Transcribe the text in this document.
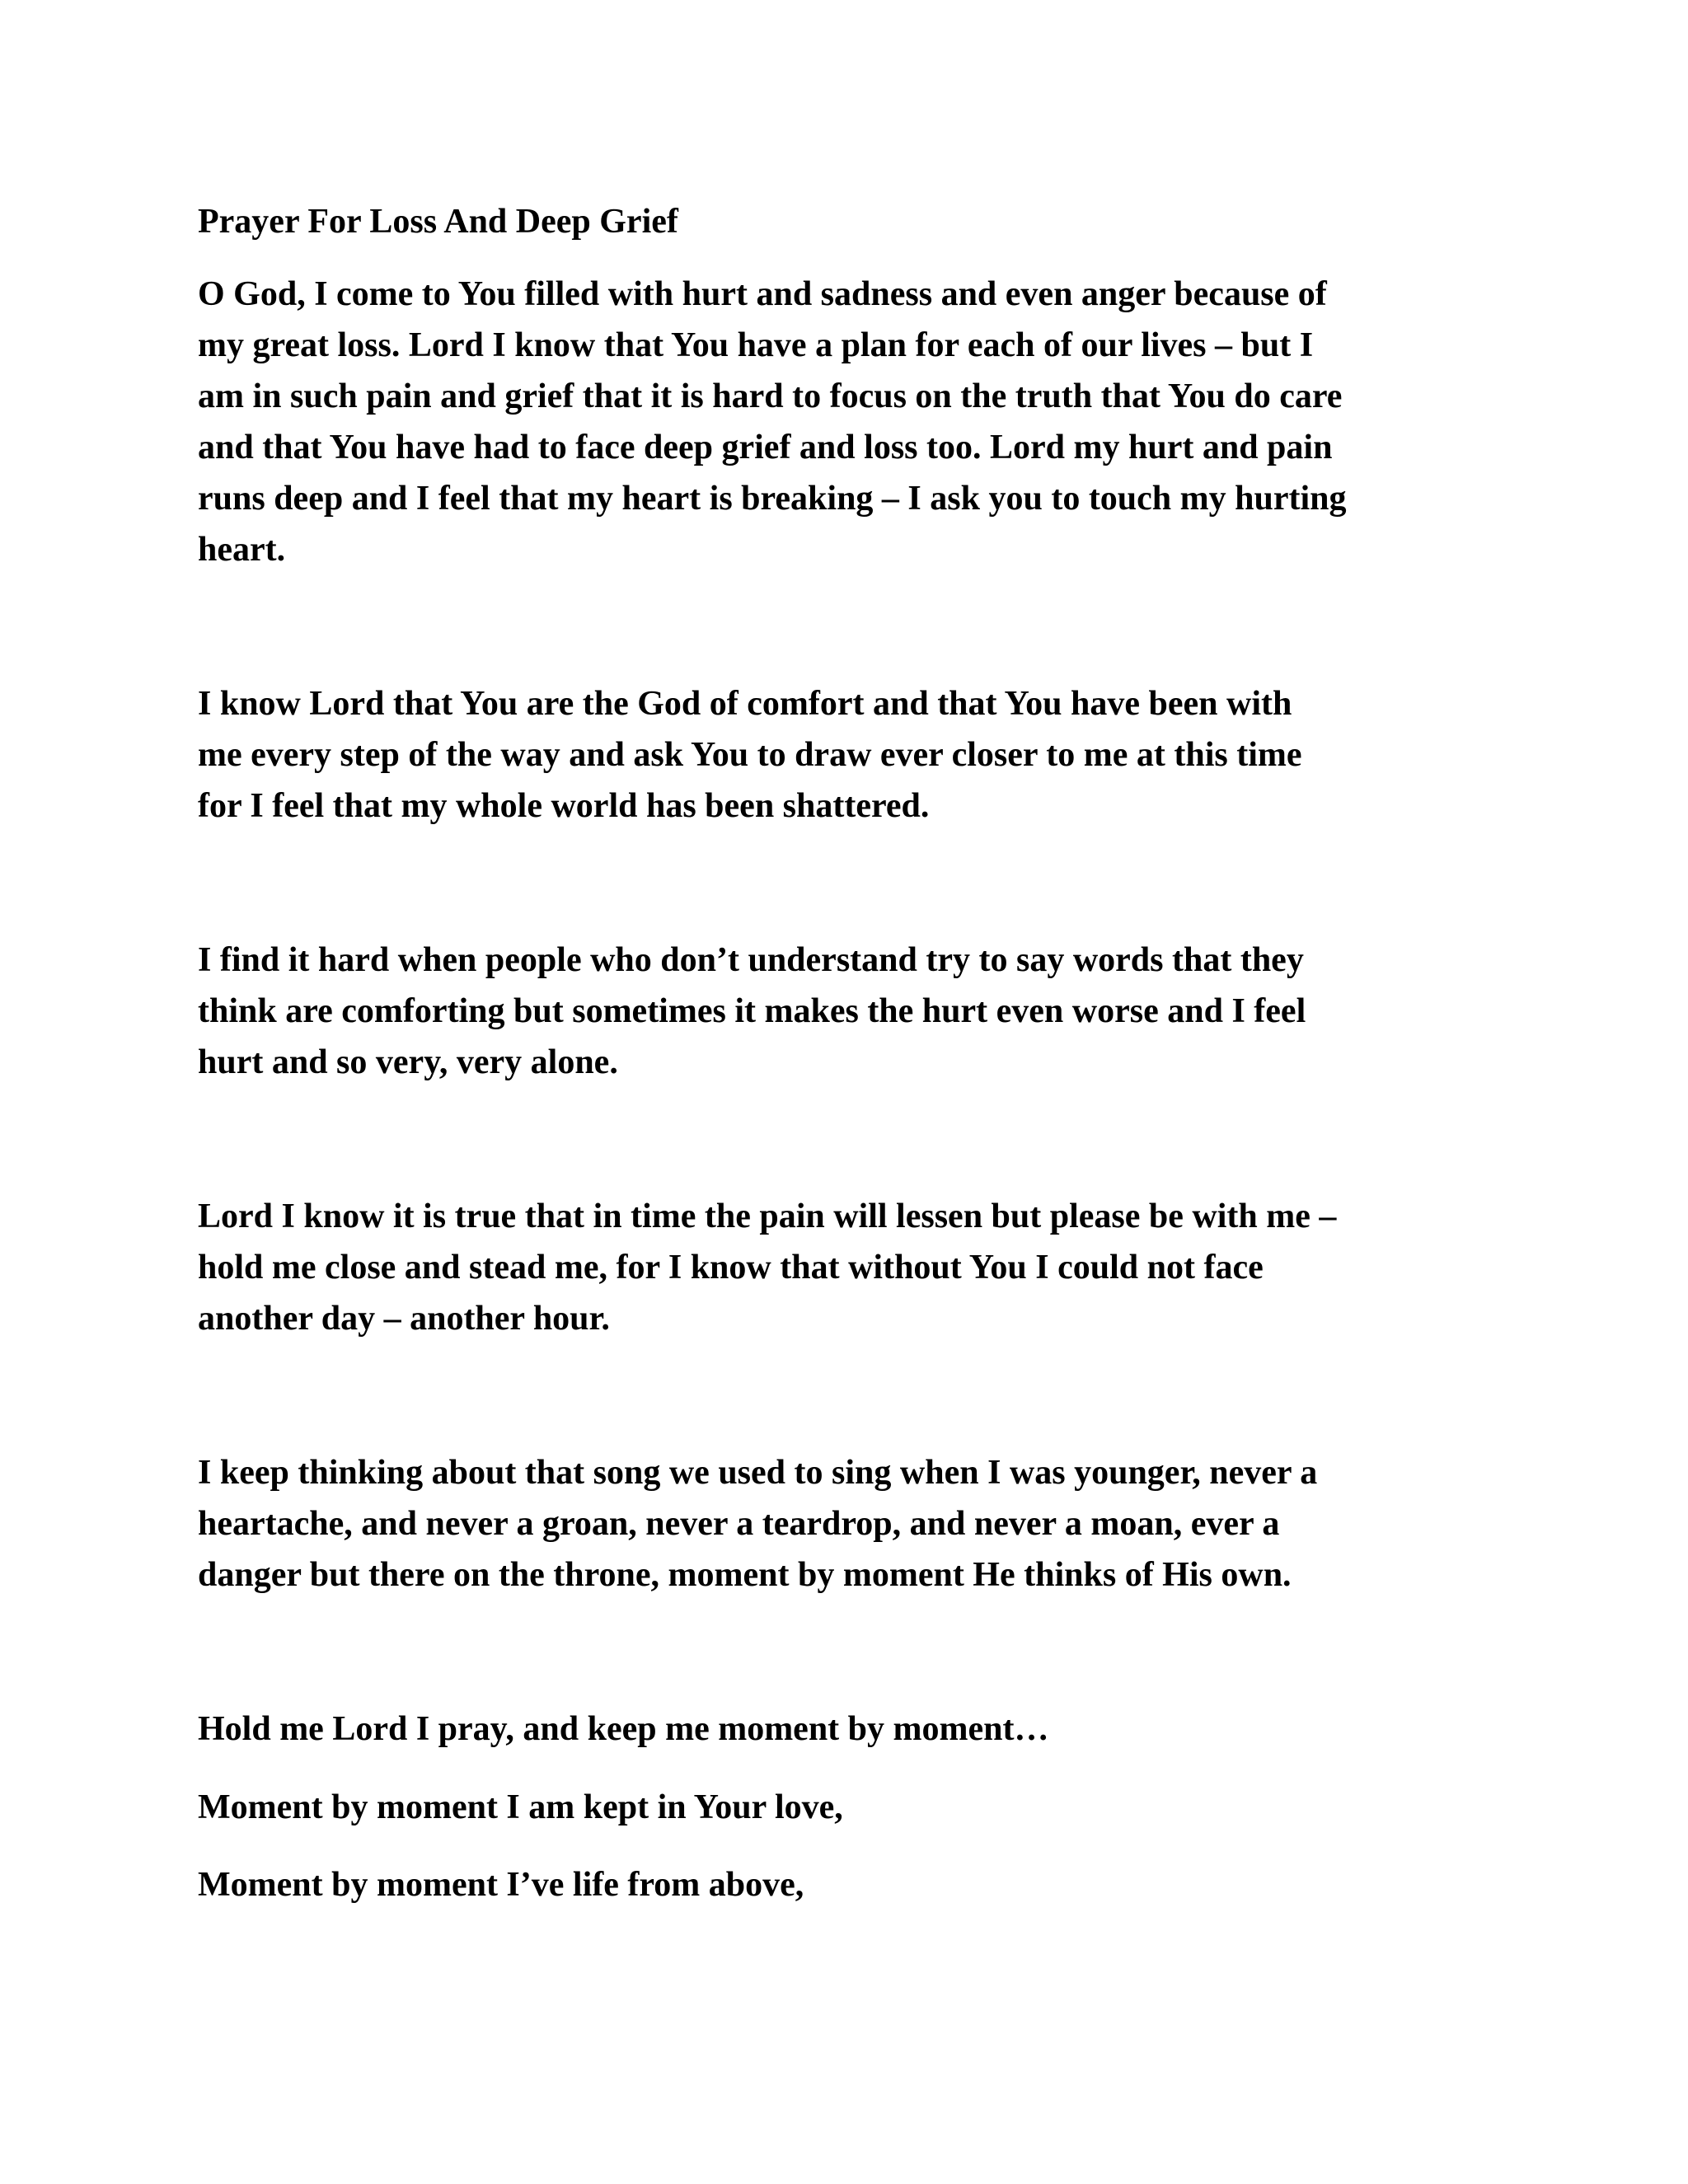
Prayer For Loss And Deep Grief

O God, I come to You filled with hurt and sadness and even anger because of
my great loss. Lord I know that You have a plan for each of our lives – but I
am in such pain and grief that it is hard to focus on the truth that You do care
and that You have had to face deep grief and loss too. Lord my hurt and pain
runs deep and I feel that my heart is breaking – I ask you to touch my hurting
heart.

I know Lord that You are the God of comfort and that You have been with
me every step of the way and ask You to draw ever closer to me at this time
for I feel that my whole world has been shattered.

I find it hard when people who don’t understand try to say words that they
think are comforting but sometimes it makes the hurt even worse and I feel
hurt and so very, very alone.

Lord I know it is true that in time the pain will lessen but please be with me –
hold me close and stead me, for I know that without You I could not face
another day – another hour.

I keep thinking about that song we used to sing when I was younger, never a
heartache, and never a groan, never a teardrop, and never a moan, ever a
danger but there on the throne, moment by moment He thinks of His own.

Hold me Lord I pray, and keep me moment by moment…

Moment by moment I am kept in Your love,

Moment by moment I’ve life from above,
